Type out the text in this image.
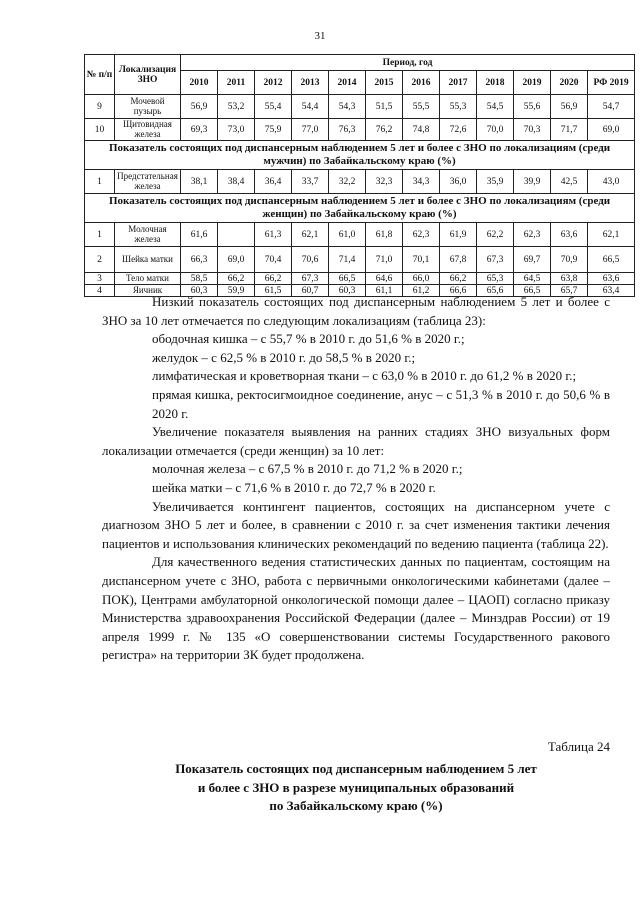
31
№ п/п	Локализация ЗНО	Период, год											
		2010	2011	2012	2013	2014	2015	2016	2017	2018	2019	2020	РФ 2019
9	Мочевой пузырь	56,9	53,2	55,4	54,4	54,3	51,5	55,5	55,3	54,5	55,6	56,9	54,7
10	Щитовидная железа	69,3	73,0	75,9	77,0	76,3	76,2	74,8	72,6	70,0	70,3	71,7	69,0
Показатель состоящих под диспансерным наблюдением 5 лет и более с ЗНО по локализациям (среди мужчин) по Забайкальскому краю (%)													
1	Предстательная железа	38,1	38,4	36,4	33,7	32,2	32,3	34,3	36,0	35,9	39,9	42,5	43,0
Показатель состоящих под диспансерным наблюдением 5 лет и более с ЗНО по локализациям (среди женщин) по Забайкальскому краю (%)													
1	Молочная железа	61,6		61,3	62,1	61,0	61,8	62,3	61,9	62,2	62,3	63,6	62,1
2	Шейка матки	66,3	69,0	70,4	70,6	71,4	71,0	70,1	67,8	67,3	69,7	70,9	66,5
3	Тело матки	58,5	66,2	66,2	67,3	66,5	64,6	66,0	66,2	65,3	64,5	63,8	63,6
4	Яичник	60,3	59,9	61,5	60,7	60,3	61,1	61,2	66,6	65,6	66,5	65,7	63,4

Низкий показатель состоящих под диспансерным наблюдением 5 лет и более с ЗНО за 10 лет отмечается по следующим локализациям (таблица 23):

ободочная кишка – с 55,7 % в 2010 г. до 51,6 % в 2020 г.;

желудок – с 62,5 % в 2010 г. до 58,5 % в 2020 г.;

лимфатическая и кроветворная ткани – с 63,0 % в 2010 г. до 61,2 % в 2020 г.;

прямая кишка, ректосигмоидное соединение, анус – с 51,3 % в 2010 г. до 50,6 % в 2020 г.

Увеличение показателя выявления на ранних стадиях ЗНО визуальных форм локализации отмечается (среди женщин) за 10 лет:

молочная железа – с 67,5 % в 2010 г. до 71,2 % в 2020 г.;

шейка матки – с 71,6 % в 2010 г. до 72,7 % в 2020 г.

Увеличивается контингент пациентов, состоящих на диспансерном учете с диагнозом ЗНО 5 лет и более, в сравнении с 2010 г. за счет изменения тактики лечения пациентов и использования клинических рекомендаций по ведению пациента (таблица 22).

Для качественного ведения статистических данных по пациентам, состоящим на диспансерном учете с ЗНО, работа с первичными онкологическими кабинетами (далее – ПОК), Центрами амбулаторной онкологической помощи далее – ЦАОП) согласно приказу Министерства здравоохранения Российской Федерации (далее – Минздрав России) от 19 апреля 1999 г. № 135 «О совершенствовании системы Государственного ракового регистра» на территории ЗК будет продолжена.

Таблица 24
Показатель состоящих под диспансерным наблюдением 5 лет
и более с ЗНО в разрезе муниципальных образований
по Забайкальскому краю (%)
